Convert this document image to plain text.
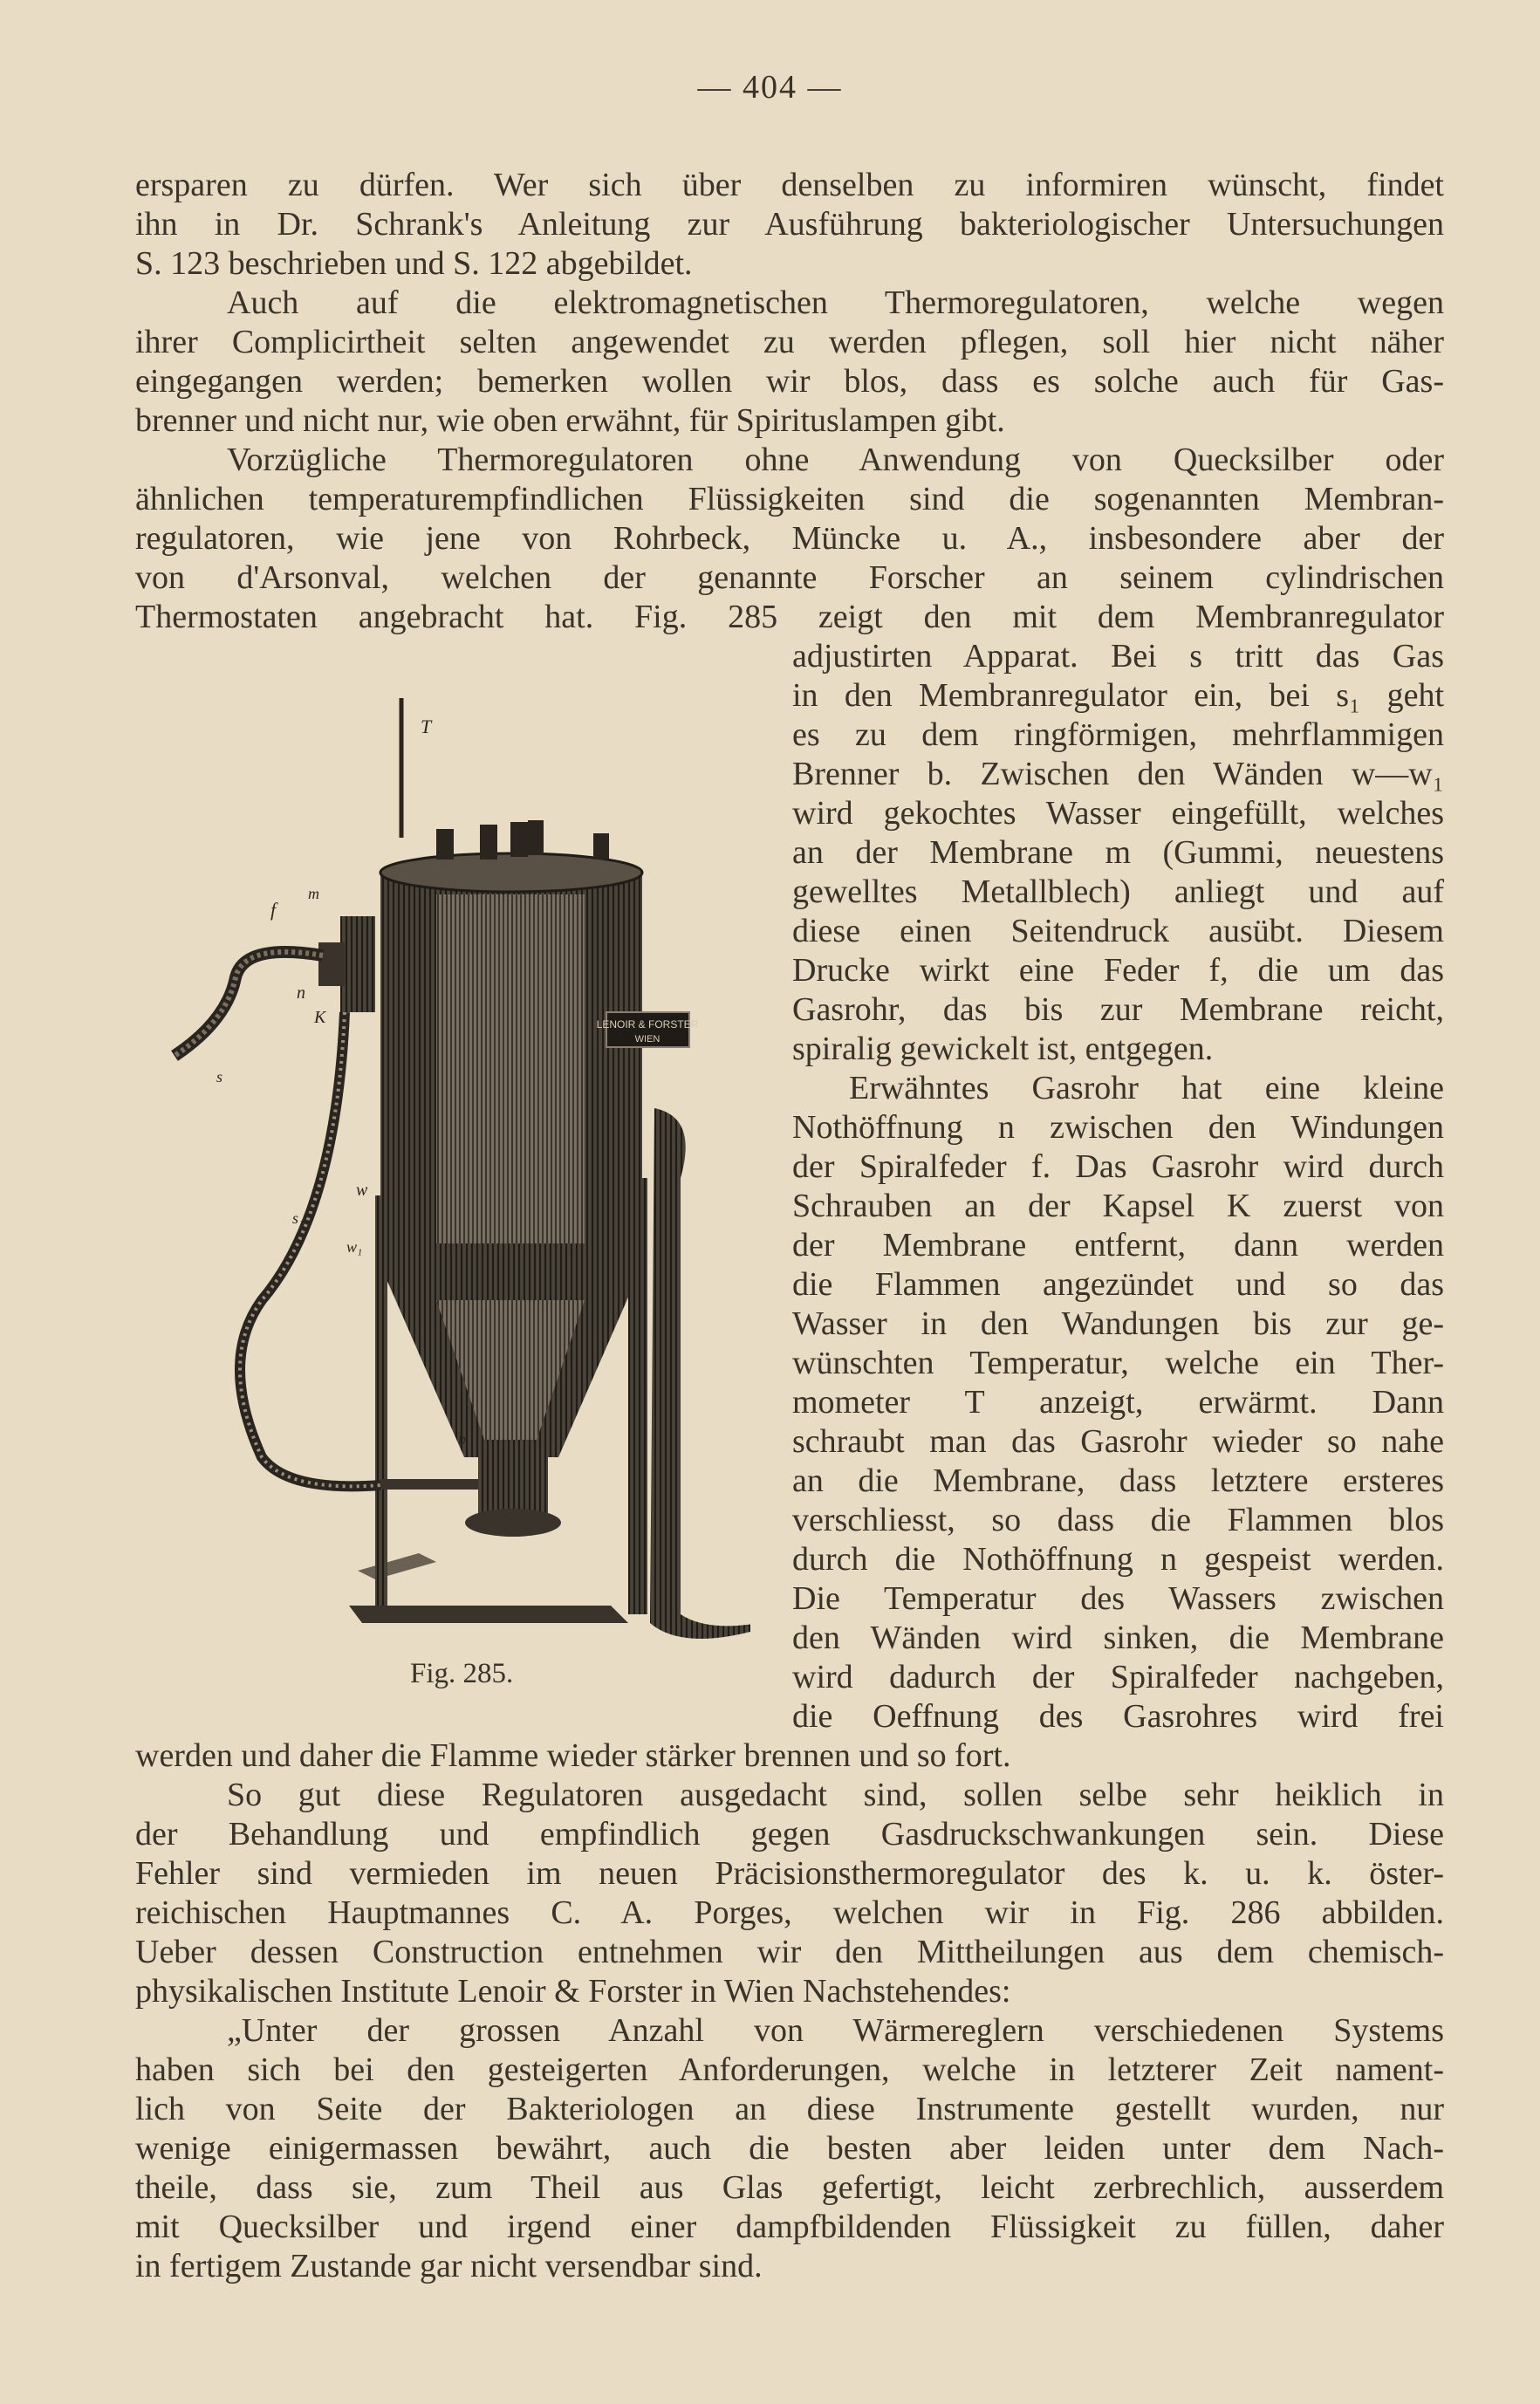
— 404 —
ersparen zu dürfen. Wer sich über denselben zu informiren wünscht, findet
ihn in Dr. Schrank's Anleitung zur Ausführung bakteriologischer Untersuchungen
S. 123 beschrieben und S. 122 abgebildet.
Auch auf die elektromagnetischen Thermoregulatoren, welche wegen
ihrer Complicirtheit selten angewendet zu werden pflegen, soll hier nicht näher
eingegangen werden; bemerken wollen wir blos, dass es solche auch für Gas-
brenner und nicht nur, wie oben erwähnt, für Spirituslampen gibt.
Vorzügliche Thermoregulatoren ohne Anwendung von Quecksilber oder
ähnlichen temperaturempfindlichen Flüssigkeiten sind die sogenannten Membran-
regulatoren, wie jene von Rohrbeck, Müncke u. A., insbesondere aber der
von d'Arsonval, welchen der genannte Forscher an seinem cylindrischen
Thermostaten angebracht hat. Fig. 285 zeigt den mit dem Membranregulator
adjustirten Apparat. Bei s tritt das Gas
in den Membranregulator ein, bei s₁ geht
es zu dem ringförmigen, mehrflammigen
Brenner b. Zwischen den Wänden w—w₁
wird gekochtes Wasser eingefüllt, welches
an der Membrane m (Gummi, neuestens
gewelltes Metallblech) anliegt und auf
diese einen Seitendruck ausübt. Diesem
Drucke wirkt eine Feder f, die um das
Gasrohr, das bis zur Membrane reicht,
spiralig gewickelt ist, entgegen.
Erwähntes Gasrohr hat eine kleine
Nothöffnung n zwischen den Windungen
der Spiralfeder f. Das Gasrohr wird durch
Schrauben an der Kapsel K zuerst von
der Membrane entfernt, dann werden
die Flammen angezündet und so das
Wasser in den Wandungen bis zur ge-
wünschten Temperatur, welche ein Ther-
mometer T anzeigt, erwärmt. Dann
schraubt man das Gasrohr wieder so nahe
an die Membrane, dass letztere ersteres
verschliesst, so dass die Flammen blos
durch die Nothöffnung n gespeist werden.
Die Temperatur des Wassers zwischen
den Wänden wird sinken, die Membrane
wird dadurch der Spiralfeder nachgeben,
die Oeffnung des Gasrohres wird frei
werden und daher die Flamme wieder stärker brennen und so fort.
So gut diese Regulatoren ausgedacht sind, sollen selbe sehr heiklich in
der Behandlung und empfindlich gegen Gasdruckschwankungen sein. Diese
Fehler sind vermieden im neuen Präcisionsthermoregulator des k. u. k. öster-
reichischen Hauptmannes C. A. Porges, welchen wir in Fig. 286 abbilden.
Ueber dessen Construction entnehmen wir den Mittheilungen aus dem chemisch-
physikalischen Institute Lenoir & Forster in Wien Nachstehendes:
„Unter der grossen Anzahl von Wärmereglern verschiedenen Systems
haben sich bei den gesteigerten Anforderungen, welche in letzterer Zeit nament-
lich von Seite der Bakteriologen an diese Instrumente gestellt wurden, nur
wenige einigermassen bewährt, auch die besten aber leiden unter dem Nach-
theile, dass sie, zum Theil aus Glas gefertigt, leicht zerbrechlich, ausserdem
mit Quecksilber und irgend einer dampfbildenden Flüssigkeit zu füllen, daher
in fertigem Zustande gar nicht versendbar sind.
LENOIR & FORSTER
WIEN
T
f
m
n
K
s
w
s₁
w₁
b
Fig. 285.
